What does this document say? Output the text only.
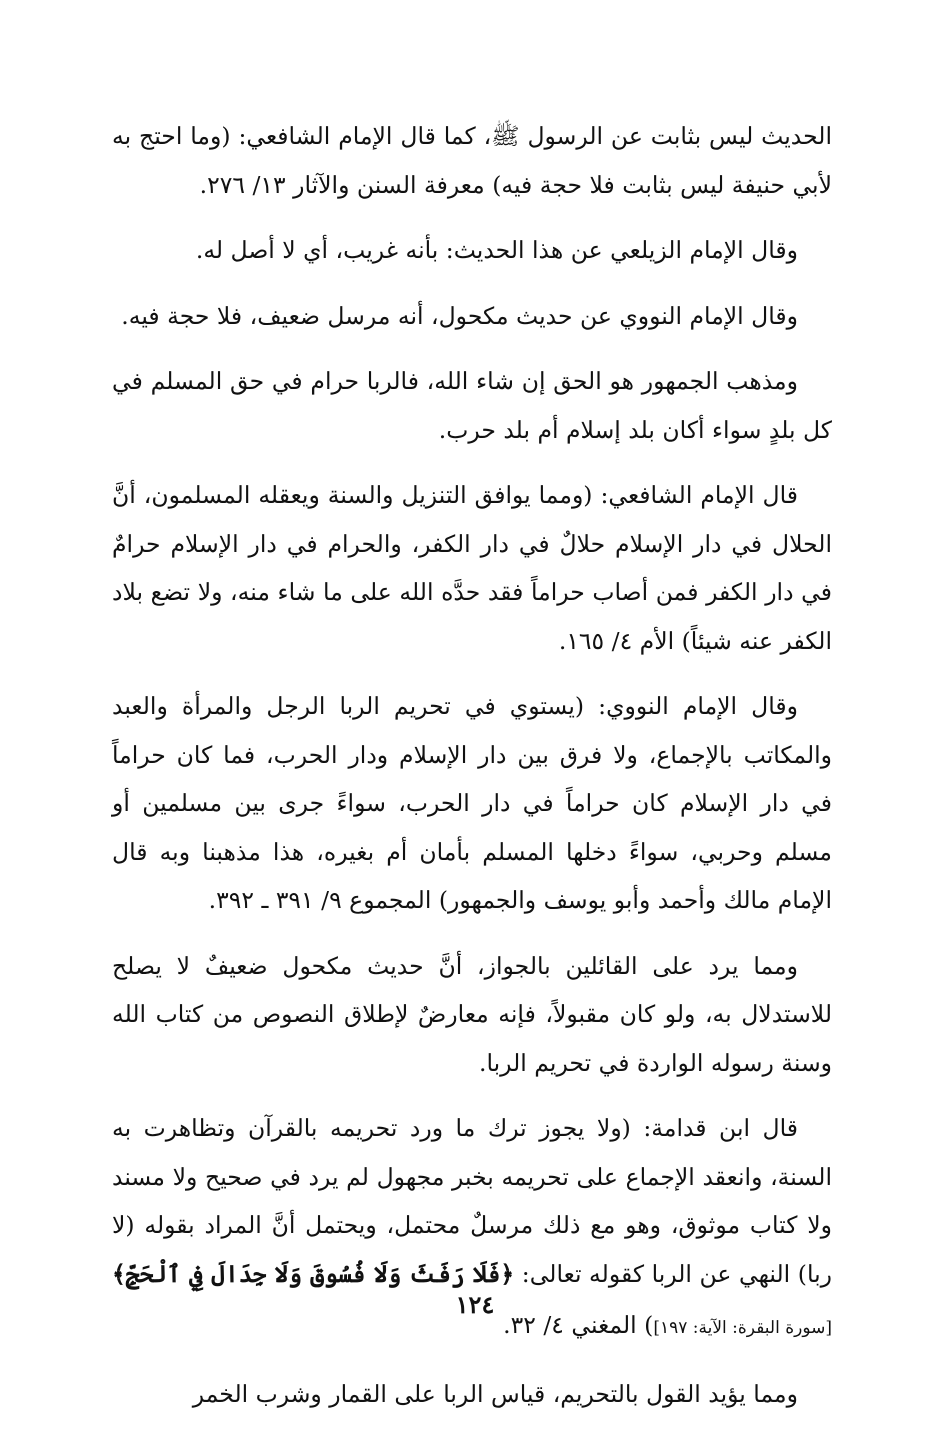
الحديث ليس بثابت عن الرسول ﷺ، كما قال الإمام الشافعي: (وما احتج به لأبي حنيفة ليس بثابت فلا حجة فيه) معرفة السنن والآثار ١٣/ ٢٧٦.

وقال الإمام الزيلعي عن هذا الحديث: بأنه غريب، أي لا أصل له.

وقال الإمام النووي عن حديث مكحول، أنه مرسل ضعيف، فلا حجة فيه.

ومذهب الجمهور هو الحق إن شاء الله، فالربا حرام في حق المسلم في كل بلدٍ سواء أكان بلد إسلام أم بلد حرب.

قال الإمام الشافعي: (ومما يوافق التنزيل والسنة ويعقله المسلمون، أنَّ الحلال في دار الإسلام حلالٌ في دار الكفر، والحرام في دار الإسلام حرامٌ في دار الكفر فمن أصاب حراماً فقد حدَّه الله على ما شاء منه، ولا تضع بلاد الكفر عنه شيئاً) الأم ٤/ ١٦٥.

وقال الإمام النووي: (يستوي في تحريم الربا الرجل والمرأة والعبد والمكاتب بالإجماع، ولا فرق بين دار الإسلام ودار الحرب، فما كان حراماً في دار الإسلام كان حراماً في دار الحرب، سواءً جرى بين مسلمين أو مسلم وحربي، سواءً دخلها المسلم بأمان أم بغيره، هذا مذهبنا وبه قال الإمام مالك وأحمد وأبو يوسف والجمهور) المجموع ٩/ ٣٩١ ـ ٣٩٢.

ومما يرد على القائلين بالجواز، أنَّ حديث مكحول ضعيفٌ لا يصلح للاستدلال به، ولو كان مقبولاً، فإنه معارضٌ لإطلاق النصوص من كتاب الله وسنة رسوله الواردة في تحريم الربا.

قال ابن قدامة: (ولا يجوز ترك ما ورد تحريمه بالقرآن وتظاهرت به السنة، وانعقد الإجماع على تحريمه بخبر مجهول لم يرد في صحيح ولا مسند ولا كتاب موثوق، وهو مع ذلك مرسلٌ محتمل، ويحتمل أنَّ المراد بقوله (لا ربا) النهي عن الربا كقوله تعالى: ﴿فَلَا رَفَثَ وَلَا فُسُوقَ وَلَا جِدَالَ فِي ٱلْحَجِّ﴾ [سورة البقرة: الآية: ١٩٧]) المغني ٤/ ٣٢.

ومما يؤيد القول بالتحريم، قياس الربا على القمار وشرب الخمر

١٢٤
